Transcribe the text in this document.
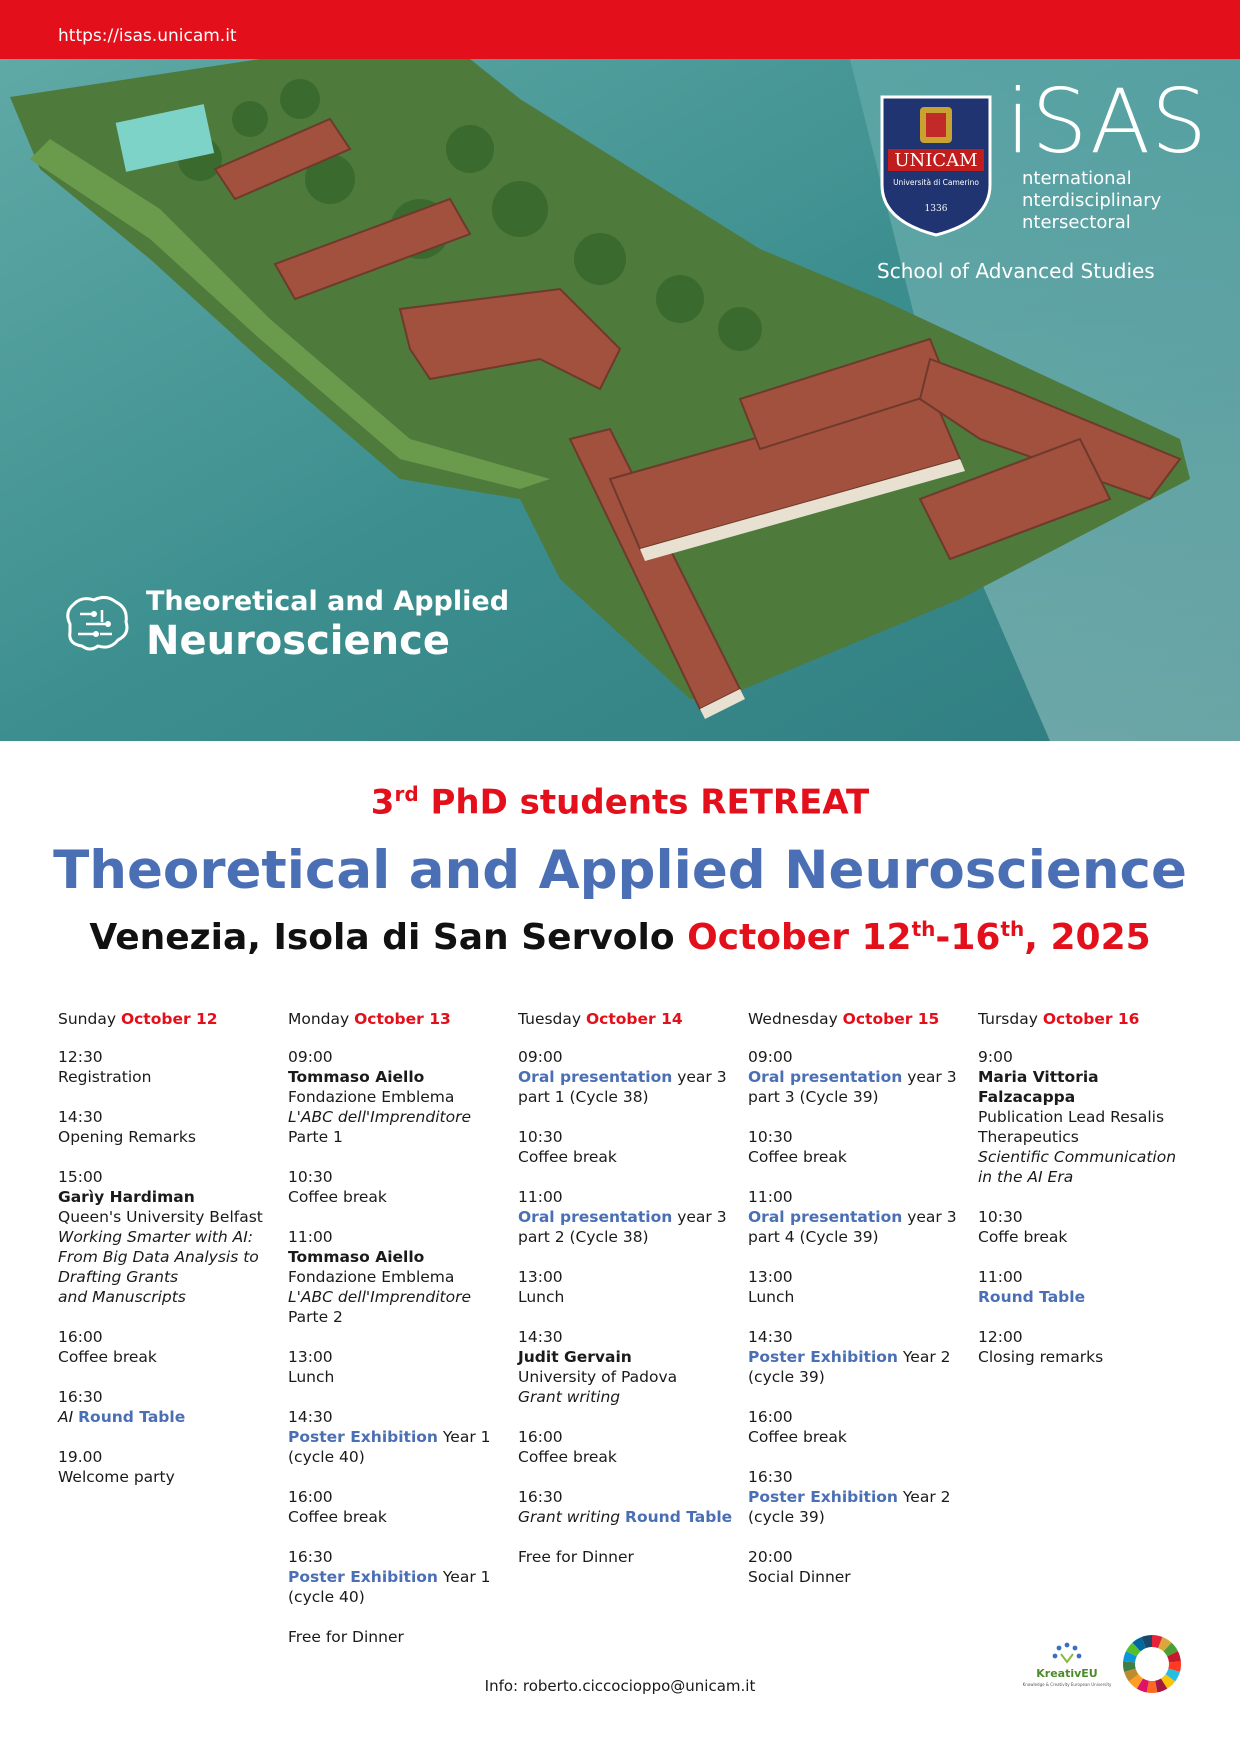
https://isas.unicam.it
UNICAM
Università di Camerino
1336
iSAS
nternational
nterdisciplinary
ntersectoral
School of Advanced Studies
Theoretical and Applied
Neuroscience
3rd PhD students RETREAT
Theoretical and Applied Neuroscience
Venezia, Isola di San Servolo October 12th-16th, 2025
Sunday October 12
12:30
Registration
14:30
Opening Remarks
15:00
Garìy Hardiman
Queen's University Belfast
Working Smarter with AI:
From Big Data Analysis to
Drafting Grants
and Manuscripts
16:00
Coffee break
16:30
AI Round Table
19.00
Welcome party
Monday October 13
09:00
Tommaso Aiello
Fondazione Emblema
L'ABC dell'Imprenditore
Parte 1
10:30
Coffee break
11:00
Tommaso Aiello
Fondazione Emblema
L'ABC dell'Imprenditore
Parte 2
13:00
Lunch
14:30
Poster Exhibition Year 1
(cycle 40)
16:00
Coffee break
16:30
Poster Exhibition Year 1
(cycle 40)
Free for Dinner
Tuesday October 14
09:00
Oral presentation year 3
part 1 (Cycle 38)
10:30
Coffee break
11:00
Oral presentation year 3
part 2 (Cycle 38)
13:00
Lunch
14:30
Judit Gervain
University of Padova
Grant writing
16:00
Coffee break
16:30
Grant writing Round Table
Free for Dinner
Wednesday October 15
09:00
Oral presentation year 3
part 3 (Cycle 39)
10:30
Coffee break
11:00
Oral presentation year 3
part 4 (Cycle 39)
13:00
Lunch
14:30
Poster Exhibition Year 2
(cycle 39)
16:00
Coffee break
16:30
Poster Exhibition Year 2
(cycle 39)
20:00
Social Dinner
Tursday October 16
9:00
Maria Vittoria Falzacappa
Publication Lead Resalis
Therapeutics
Scientific Communication
in the AI Era
10:30
Coffe break
11:00
Round Table
12:00
Closing remarks
Info: roberto.ciccocioppo@unicam.it
KreativEU
Knowledge & Creativity European University
